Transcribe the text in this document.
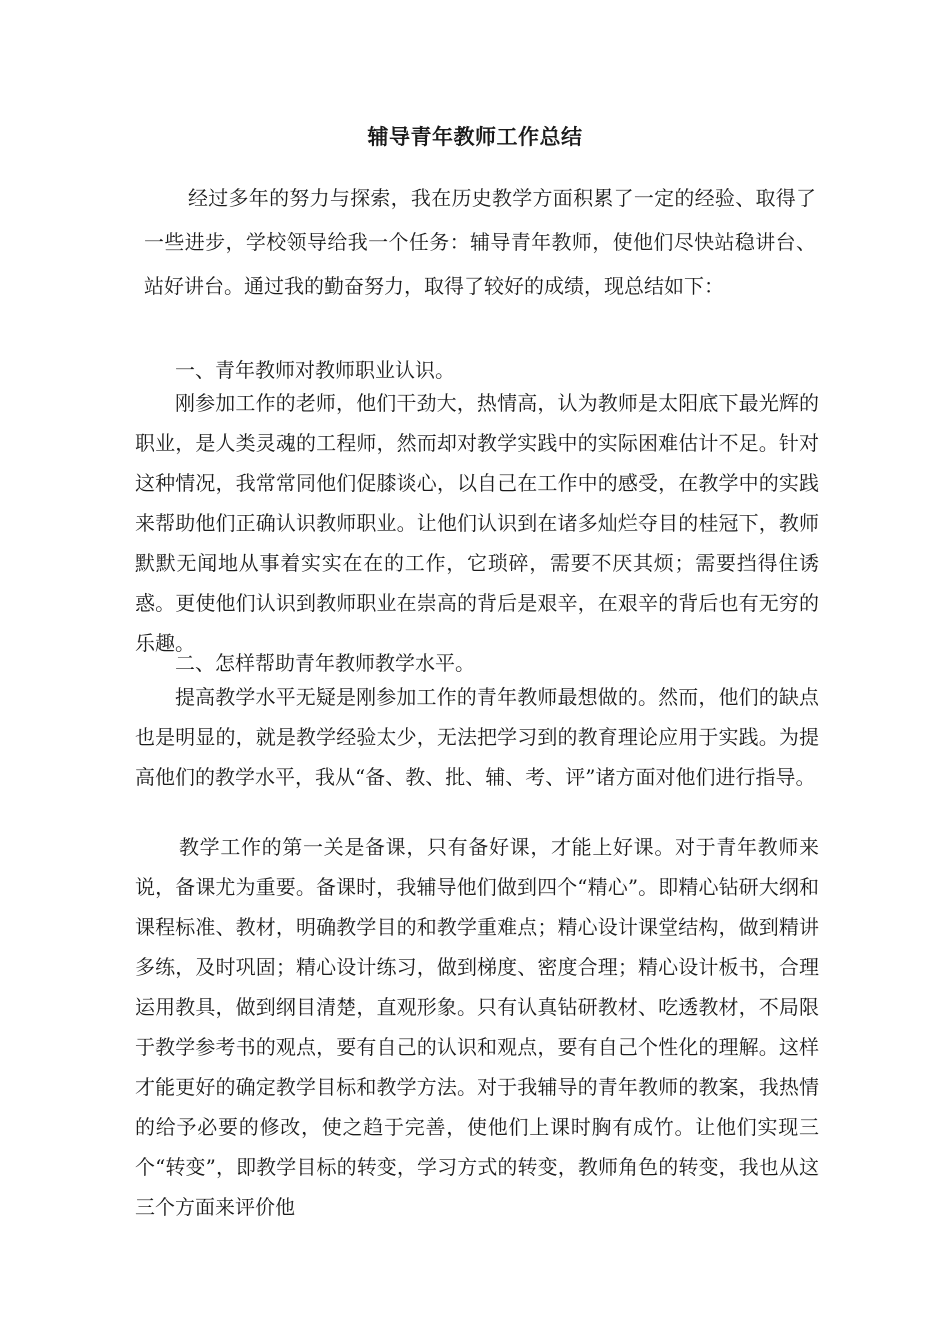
辅导青年教师工作总结

经过多年的努力与探索，我在历史教学方面积累了一定的经验、取得了一些进步，学校领导给我一个任务：辅导青年教师，使他们尽快站稳讲台、站好讲台。通过我的勤奋努力，取得了较好的成绩，现总结如下：

一、青年教师对教师职业认识。

刚参加工作的老师，他们干劲大，热情高，认为教师是太阳底下最光辉的职业，是人类灵魂的工程师，然而却对教学实践中的实际困难估计不足。针对这种情况，我常常同他们促膝谈心，以自己在工作中的感受，在教学中的实践来帮助他们正确认识教师职业。让他们认识到在诸多灿烂夺目的桂冠下，教师默默无闻地从事着实实在在的工作，它琐碎，需要不厌其烦；需要挡得住诱惑。更使他们认识到教师职业在崇高的背后是艰辛，在艰辛的背后也有无穷的乐趣。

二、怎样帮助青年教师教学水平。

提高教学水平无疑是刚参加工作的青年教师最想做的。然而，他们的缺点也是明显的，就是教学经验太少，无法把学习到的教育理论应用于实践。为提高他们的教学水平，我从“备、教、批、辅、考、评”诸方面对他们进行指导。

教学工作的第一关是备课，只有备好课，才能上好课。对于青年教师来说，备课尤为重要。备课时，我辅导他们做到四个“精心”。即精心钻研大纲和课程标准、教材，明确教学目的和教学重难点；精心设计课堂结构，做到精讲多练，及时巩固；精心设计练习，做到梯度、密度合理；精心设计板书，合理运用教具，做到纲目清楚，直观形象。只有认真钻研教材、吃透教材，不局限于教学参考书的观点，要有自己的认识和观点，要有自己个性化的理解。这样才能更好的确定教学目标和教学方法。对于我辅导的青年教师的教案，我热情的给予必要的修改，使之趋于完善，使他们上课时胸有成竹。让他们实现三个“转变”，即教学目标的转变，学习方式的转变，教师角色的转变，我也从这三个方面来评价他
